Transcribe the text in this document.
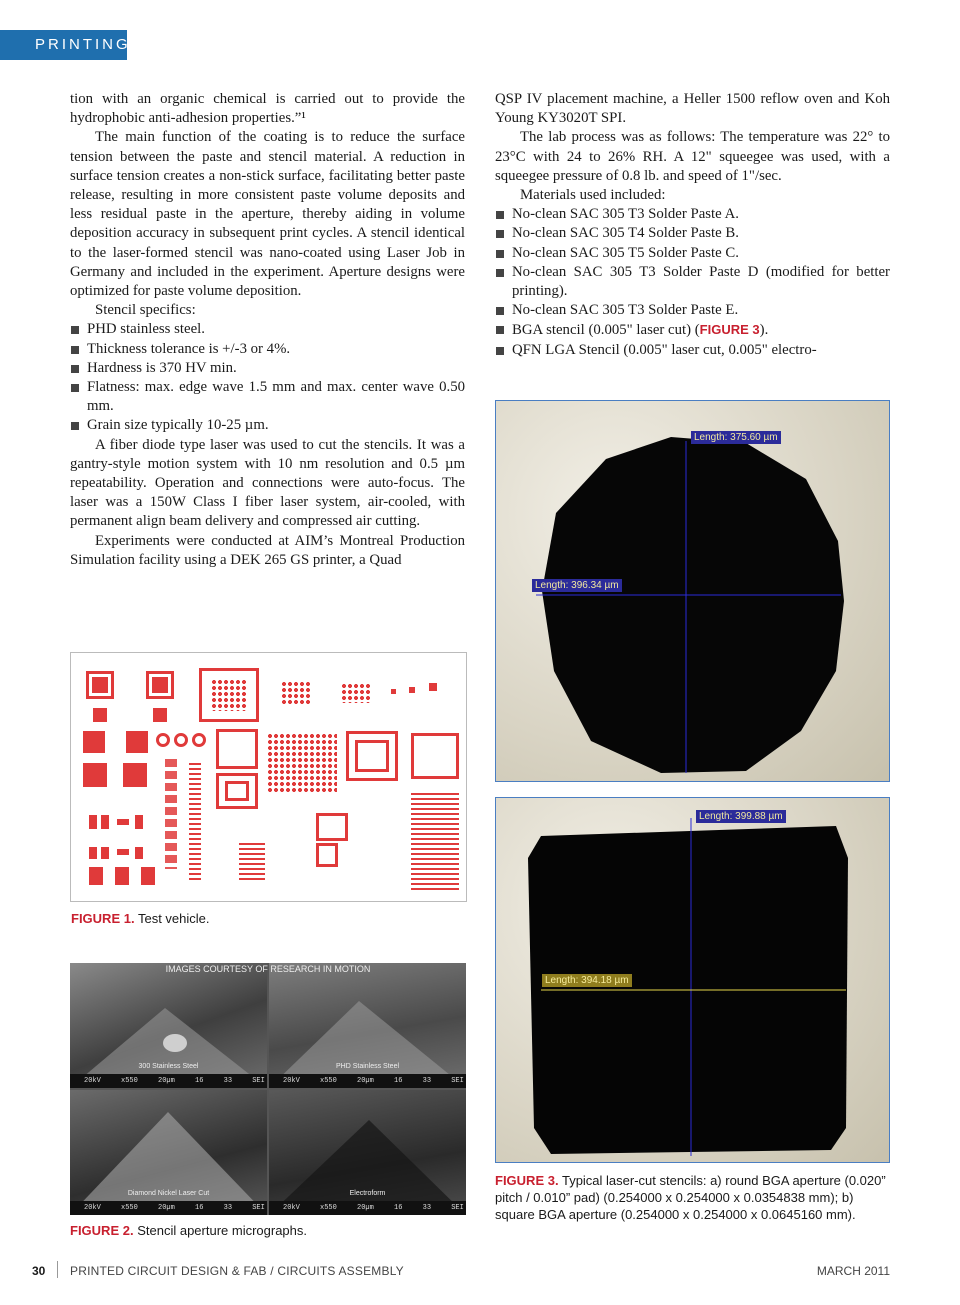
PRINTING

tion with an organic chemical is carried out to provide the hydrophobic anti-adhesion properties.”¹

The main function of the coating is to reduce the surface tension between the paste and stencil material. A reduction in surface tension creates a non-stick surface, facilitating better paste release, resulting in more consistent paste volume deposits and less residual paste in the aperture, thereby aiding in volume deposition accuracy in subsequent print cycles. A stencil identical to the laser-formed stencil was nano-coated using Laser Job in Germany and included in the experiment. Aperture designs were optimized for paste volume deposition.

Stencil specifics:

PHD stainless steel.
Thickness tolerance is +/-3 or 4%.
Hardness is 370 HV min.
Flatness: max. edge wave 1.5 mm and max. center wave 0.50 mm.
Grain size typically 10-25 µm.

A fiber diode type laser was used to cut the stencils. It was a gantry-style motion system with 10 nm resolution and 0.5 µm repeatability. Operation and connections were auto-focus. The laser was a 150W Class I fiber laser system, air-cooled, with permanent align beam delivery and compressed air cutting.

Experiments were conducted at AIM’s Montreal Production Simulation facility using a DEK 265 GS printer, a Quad

QSP IV placement machine, a Heller 1500 reflow oven and Koh Young KY3020T SPI.

The lab process was as follows: The temperature was 22° to 23°C with 24 to 26% RH. A 12" squeegee was used, with a squeegee pressure of 0.8 lb. and speed of 1"/sec.

Materials used included:

No-clean SAC 305 T3 Solder Paste A.
No-clean SAC 305 T4 Solder Paste B.
No-clean SAC 305 T5 Solder Paste C.
No-clean SAC 305 T3 Solder Paste D (modified for better printing).
No-clean SAC 305 T3 Solder Paste E.
BGA stencil (0.005" laser cut) (FIGURE 3).
QFN LGA Stencil (0.005" laser cut, 0.005" electro-
FIGURE 1. Test vehicle.
IMAGES COURTESY OF RESEARCH IN MOTION
300 Stainless Steel
20kV x550 20µm 16 33 SEI
PHD Stainless Steel
20kV x550 20µm 16 33 SEI
Diamond Nickel Laser Cut
20kV x550 20µm 16 33 SEI
Electroform
20kV x550 20µm 16 33 SEI
FIGURE 2. Stencil aperture micrographs.
Length: 375.60 µm
Length: 396.34 µm
Length: 399.88 µm
Length: 394.18 µm
FIGURE 3. Typical laser-cut stencils: a) round BGA aperture (0.020” pitch / 0.010” pad) (0.254000 x 0.254000 x 0.0354838 mm); b) square BGA aperture (0.254000 x 0.254000 x 0.0645160 mm).
30 PRINTED CIRCUIT DESIGN & FAB / CIRCUITS ASSEMBLY	MARCH 2011
